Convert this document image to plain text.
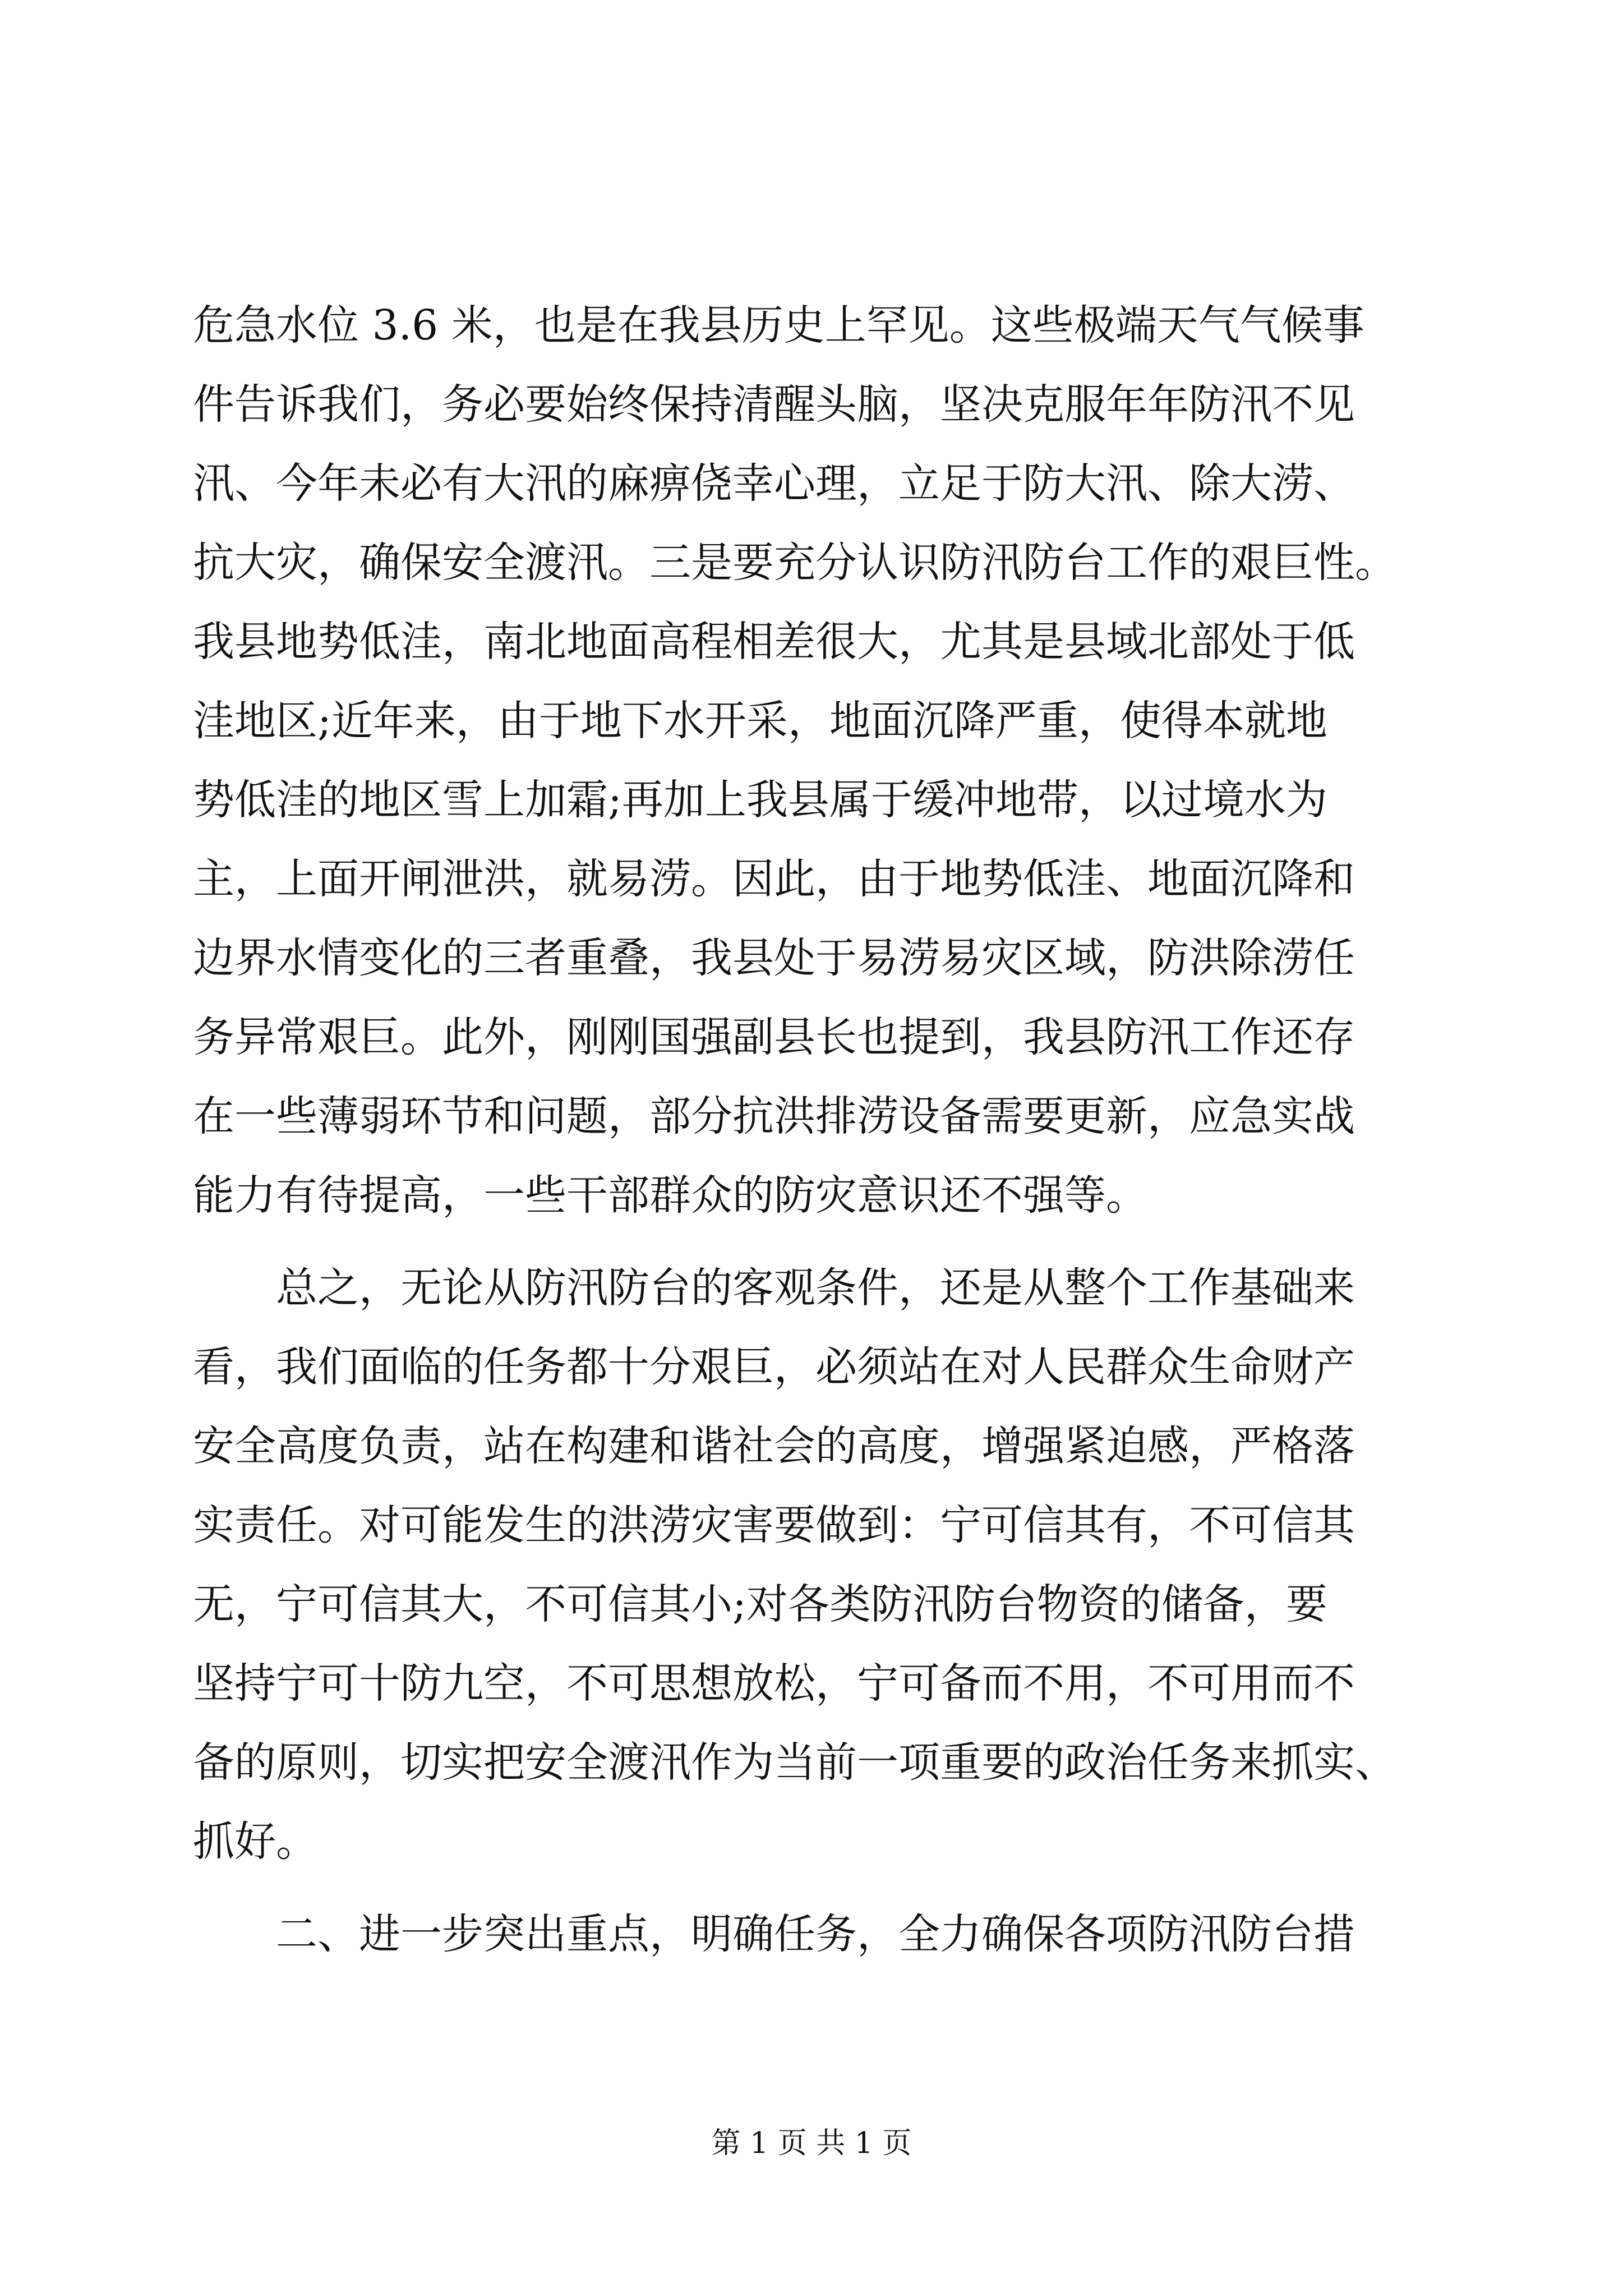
危急水位 3.6 米，也是在我县历史上罕见。这些极端天气气候事
件告诉我们，务必要始终保持清醒头脑，坚决克服年年防汛不见
汛、今年未必有大汛的麻痹侥幸心理，立足于防大汛、除大涝、
抗大灾，确保安全渡汛。三是要充分认识防汛防台工作的艰巨性。
我县地势低洼，南北地面高程相差很大，尤其是县域北部处于低
洼地区;近年来，由于地下水开采，地面沉降严重，使得本就地
势低洼的地区雪上加霜;再加上我县属于缓冲地带，以过境水为
主，上面开闸泄洪，就易涝。因此，由于地势低洼、地面沉降和
边界水情变化的三者重叠，我县处于易涝易灾区域，防洪除涝任
务异常艰巨。此外，刚刚国强副县长也提到，我县防汛工作还存
在一些薄弱环节和问题，部分抗洪排涝设备需要更新，应急实战
能力有待提高，一些干部群众的防灾意识还不强等。
　　总之，无论从防汛防台的客观条件，还是从整个工作基础来
看，我们面临的任务都十分艰巨，必须站在对人民群众生命财产
安全高度负责，站在构建和谐社会的高度，增强紧迫感，严格落
实责任。对可能发生的洪涝灾害要做到：宁可信其有，不可信其
无，宁可信其大，不可信其小;对各类防汛防台物资的储备，要
坚持宁可十防九空，不可思想放松，宁可备而不用，不可用而不
备的原则，切实把安全渡汛作为当前一项重要的政治任务来抓实、
抓好。
　　二、进一步突出重点，明确任务，全力确保各项防汛防台措
第 1 页 共 1 页
